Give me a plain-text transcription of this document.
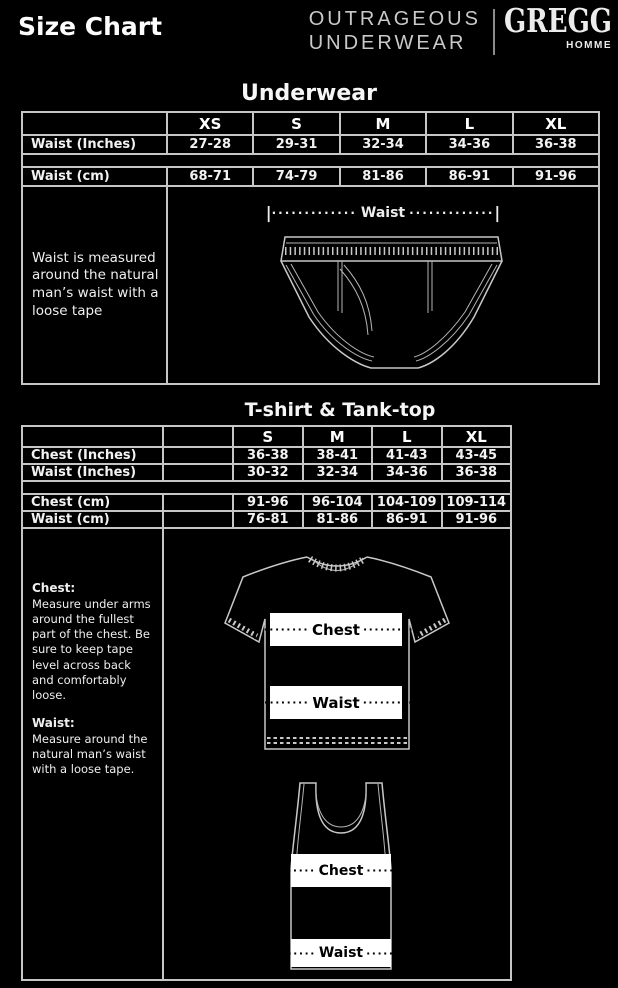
Size Chart	OUTRAGEOUS
UNDERWEAR
GREGG
HOMME
Underwear
	XS	S	M	L	XL
Waist (Inches)	27-28	29-31	32-34	34-36	36-38

Waist (cm)	68-71	74-79	81-86	86-91	91-96
Waist is measured around the natural man’s waist with a loose tape	|············· Waist ·············|				
T-shirt & Tank-top
		S	M	L	XL
Chest (Inches)		36-38	38-41	41-43	43-45
Waist (Inches)		30-32	32-34	34-36	36-38

Chest (cm)		91-96	96-104	104-109	109-114
Waist (cm)		76-81	81-86	86-91	91-96

Chest:
Measure under arms around the fullest part of the chest. Be sure to keep tape level across back and comfortably loose.
Waist:
Measure around the natural man’s waist with a loose tape.

| ········· Chest ········· |
| ········· Waist ········· |
| ······ Chest ······ |
| ····· Waist ····· |
